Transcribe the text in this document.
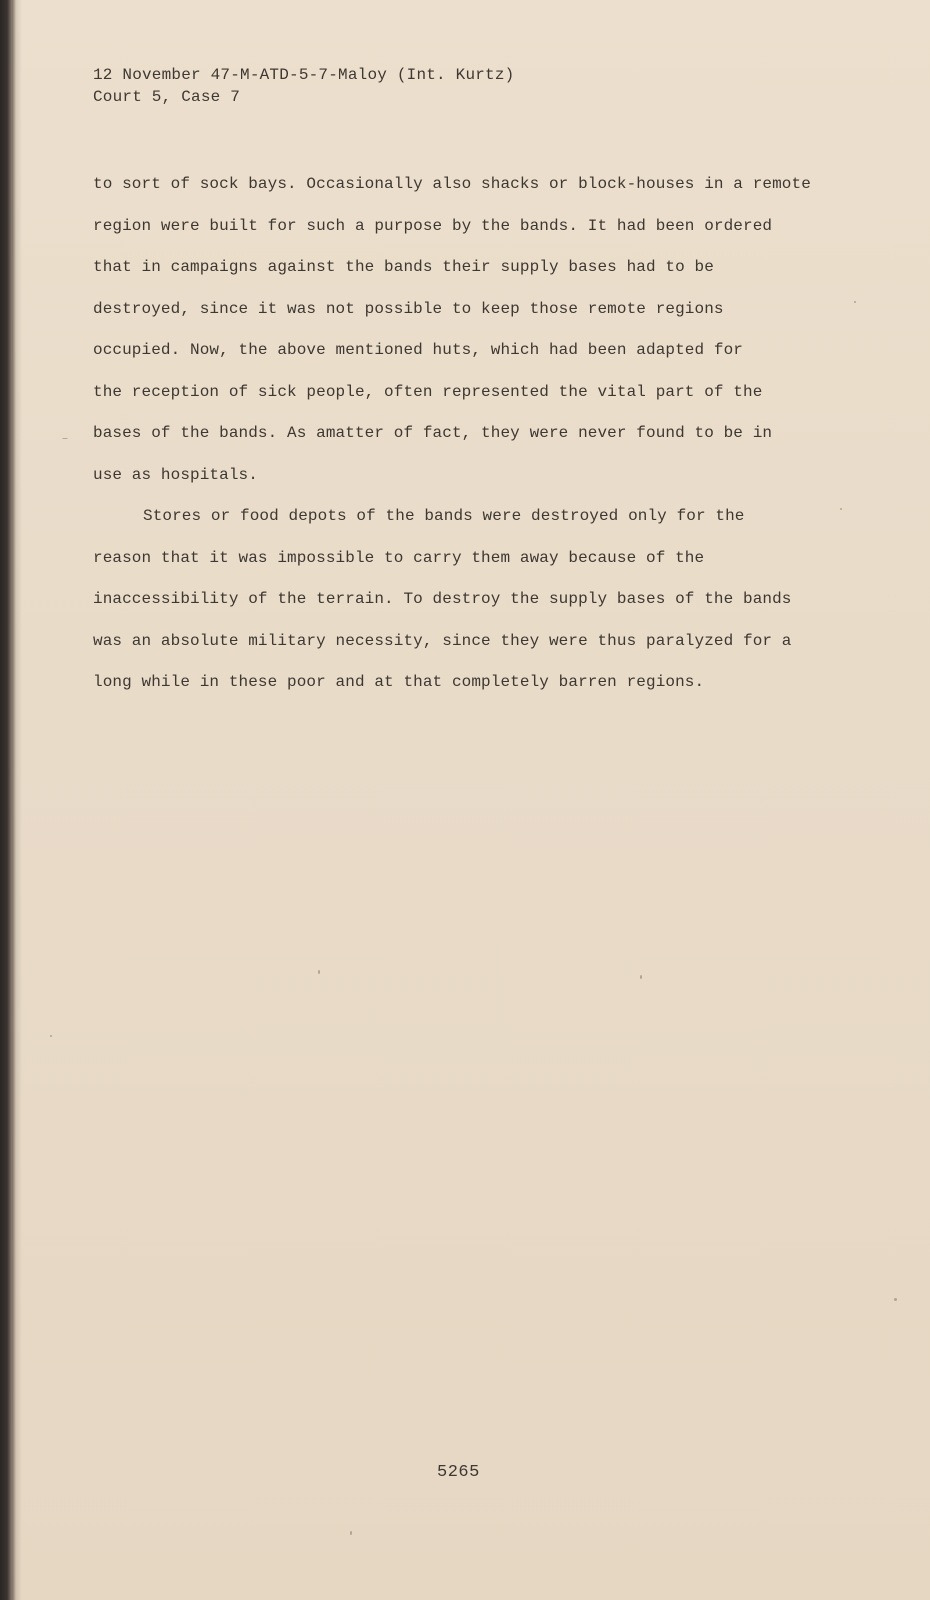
12 November 47-M-ATD-5-7-Maloy (Int. Kurtz)
Court 5, Case 7
to sort of sock bays. Occasionally also shacks or block-houses in a remote
region were built for such a purpose by the bands. It had been ordered
that in campaigns against the bands their supply bases had to be
destroyed, since it was not possible to keep those remote regions
occupied. Now, the above mentioned huts, which had been adapted for
the reception of sick people, often represented the vital part of the
bases of the bands. As amatter of fact, they were never found to be in
use as hospitals.
Stores or food depots of the bands were destroyed only for the
reason that it was impossible to carry them away because of the
inaccessibility of the terrain. To destroy the supply bases of the bands
was an absolute military necessity, since they were thus paralyzed for a
long while in these poor and at that completely barren regions.
5265
